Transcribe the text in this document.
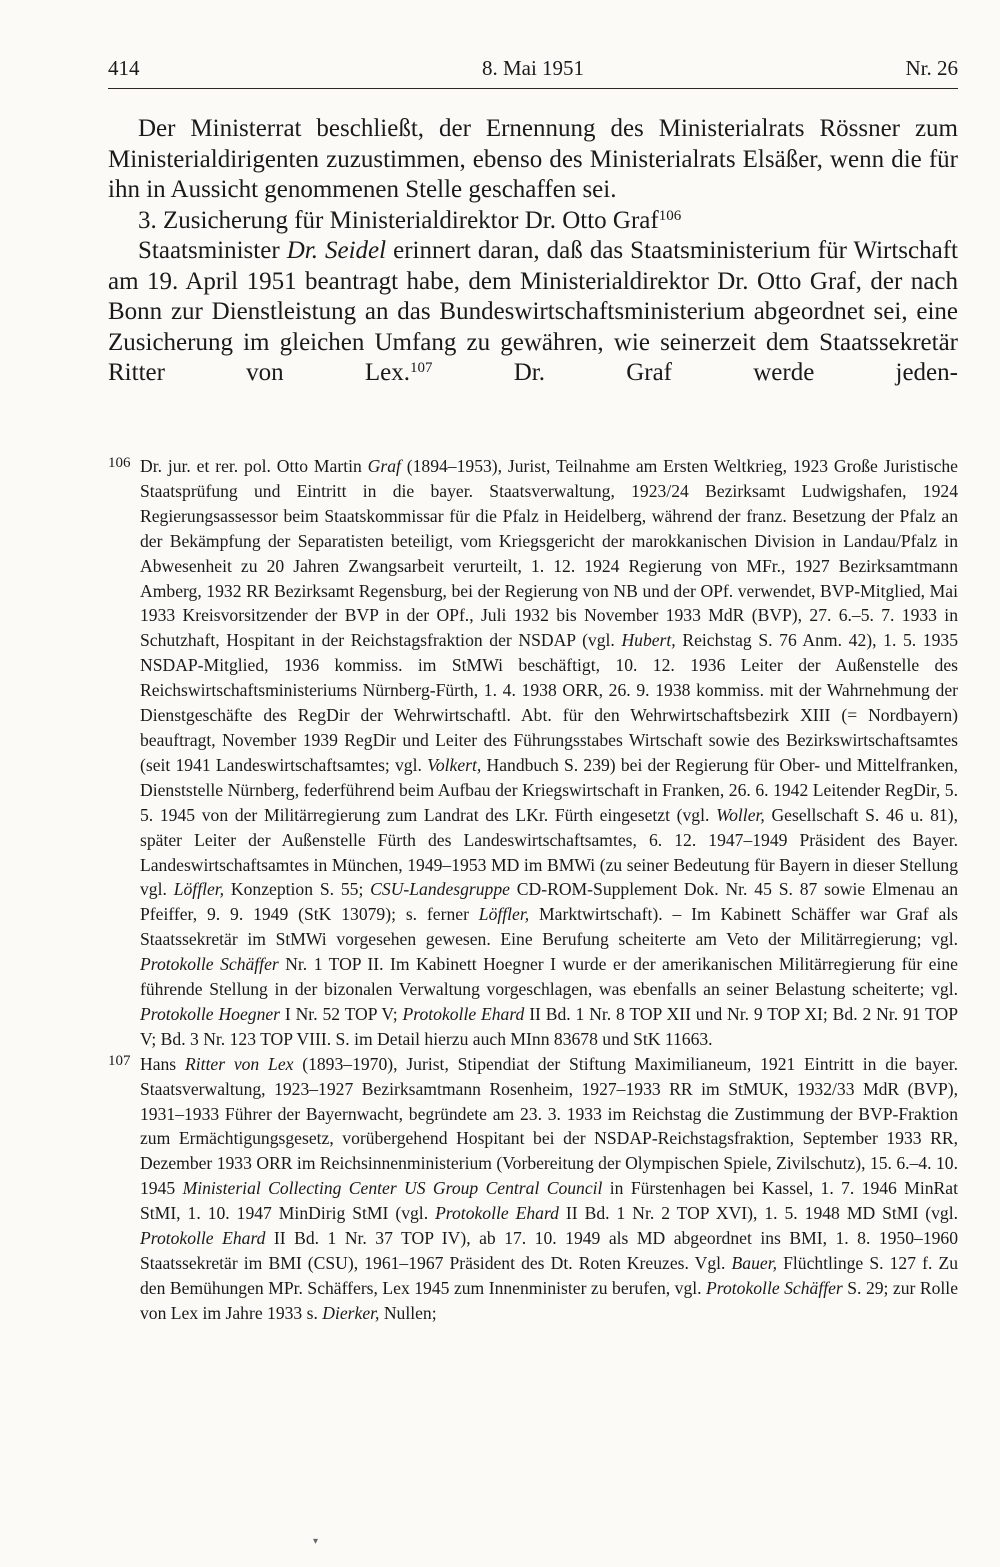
414	8. Mai 1951	Nr. 26

Der Ministerrat beschließt, der Ernennung des Ministerialrats Rössner zum Ministerialdirigenten zuzustimmen, ebenso des Ministerialrats Elsäßer, wenn die für ihn in Aussicht genommenen Stelle geschaffen sei.

3. Zusicherung für Ministerialdirektor Dr. Otto Graf$^{106}$

Staatsminister Dr. Seidel erinnert daran, daß das Staatsministerium für Wirtschaft am 19. April 1951 beantragt habe, dem Ministerialdirektor Dr. Otto Graf, der nach Bonn zur Dienstleistung an das Bundeswirtschaftsministerium abgeordnet sei, eine Zusicherung im gleichen Umfang zu gewähren, wie seinerzeit dem Staatssekretär Ritter von Lex.$^{107}$ Dr. Graf werde jeden-

106 Dr. jur. et rer. pol. Otto Martin Graf (1894–1953), Jurist, Teilnahme am Ersten Weltkrieg, 1923 Große Juristische Staatsprüfung und Eintritt in die bayer. Staatsverwaltung, 1923/24 Bezirksamt Ludwigshafen, 1924 Regierungsassessor beim Staatskommissar für die Pfalz in Heidelberg, während der franz. Besetzung der Pfalz an der Bekämpfung der Separatisten beteiligt, vom Kriegsgericht der marokkanischen Division in Landau/Pfalz in Abwesenheit zu 20 Jahren Zwangsarbeit verurteilt, 1. 12. 1924 Regierung von MFr., 1927 Bezirksamtmann Amberg, 1932 RR Bezirksamt Regensburg, bei der Regierung von NB und der OPf. verwendet, BVP-Mitglied, Mai 1933 Kreisvorsitzender der BVP in der OPf., Juli 1932 bis November 1933 MdR (BVP), 27. 6.–5. 7. 1933 in Schutzhaft, Hospitant in der Reichstagsfraktion der NSDAP (vgl. Hubert, Reichstag S. 76 Anm. 42), 1. 5. 1935 NSDAP-Mitglied, 1936 kommiss. im StMWi beschäftigt, 10. 12. 1936 Leiter der Außenstelle des Reichswirtschaftsministeriums Nürnberg-Fürth, 1. 4. 1938 ORR, 26. 9. 1938 kommiss. mit der Wahrnehmung der Dienstgeschäfte des RegDir der Wehrwirtschaftl. Abt. für den Wehrwirtschaftsbezirk XIII (= Nordbayern) beauftragt, November 1939 RegDir und Leiter des Führungsstabes Wirtschaft sowie des Bezirkswirtschaftsamtes (seit 1941 Landeswirtschaftsamtes; vgl. Volkert, Handbuch S. 239) bei der Regierung für Ober- und Mittelfranken, Dienststelle Nürnberg, federführend beim Aufbau der Kriegswirtschaft in Franken, 26. 6. 1942 Leitender RegDir, 5. 5. 1945 von der Militärregierung zum Landrat des LKr. Fürth eingesetzt (vgl. Woller, Gesellschaft S. 46 u. 81), später Leiter der Außenstelle Fürth des Landeswirtschaftsamtes, 6. 12. 1947–1949 Präsident des Bayer. Landeswirtschaftsamtes in München, 1949–1953 MD im BMWi (zu seiner Bedeutung für Bayern in dieser Stellung vgl. Löffler, Konzeption S. 55; CSU-Landesgruppe CD-ROM-Supplement Dok. Nr. 45 S. 87 sowie Elmenau an Pfeiffer, 9. 9. 1949 (StK 13079); s. ferner Löffler, Marktwirtschaft). – Im Kabinett Schäffer war Graf als Staatssekretär im StMWi vorgesehen gewesen. Eine Berufung scheiterte am Veto der Militärregierung; vgl. Protokolle Schäffer Nr. 1 TOP II. Im Kabinett Hoegner I wurde er der amerikanischen Militärregierung für eine führende Stellung in der bizonalen Verwaltung vorgeschlagen, was ebenfalls an seiner Belastung scheiterte; vgl. Protokolle Hoegner I Nr. 52 TOP V; Protokolle Ehard II Bd. 1 Nr. 8 TOP XII und Nr. 9 TOP XI; Bd. 2 Nr. 91 TOP V; Bd. 3 Nr. 123 TOP VIII. S. im Detail hierzu auch MInn 83678 und StK 11663.
107 Hans Ritter von Lex (1893–1970), Jurist, Stipendiat der Stiftung Maximilianeum, 1921 Eintritt in die bayer. Staatsverwaltung, 1923–1927 Bezirksamtmann Rosenheim, 1927–1933 RR im StMUK, 1932/33 MdR (BVP), 1931–1933 Führer der Bayernwacht, begründete am 23. 3. 1933 im Reichstag die Zustimmung der BVP-Fraktion zum Ermächtigungsgesetz, vorübergehend Hospitant bei der NSDAP-Reichstagsfraktion, September 1933 RR, Dezember 1933 ORR im Reichsinnenministerium (Vorbereitung der Olympischen Spiele, Zivilschutz), 15. 6.–4. 10. 1945 Ministerial Collecting Center US Group Central Council in Fürstenhagen bei Kassel, 1. 7. 1946 MinRat StMI, 1. 10. 1947 MinDirig StMI (vgl. Protokolle Ehard II Bd. 1 Nr. 2 TOP XVI), 1. 5. 1948 MD StMI (vgl. Protokolle Ehard II Bd. 1 Nr. 37 TOP IV), ab 17. 10. 1949 als MD abgeordnet ins BMI, 1. 8. 1950–1960 Staatssekretär im BMI (CSU), 1961–1967 Präsident des Dt. Roten Kreuzes. Vgl. Bauer, Flüchtlinge S. 127 f. Zu den Bemühungen MPr. Schäffers, Lex 1945 zum Innenminister zu berufen, vgl. Protokolle Schäffer S. 29; zur Rolle von Lex im Jahre 1933 s. Dierker, Nullen;
▾
